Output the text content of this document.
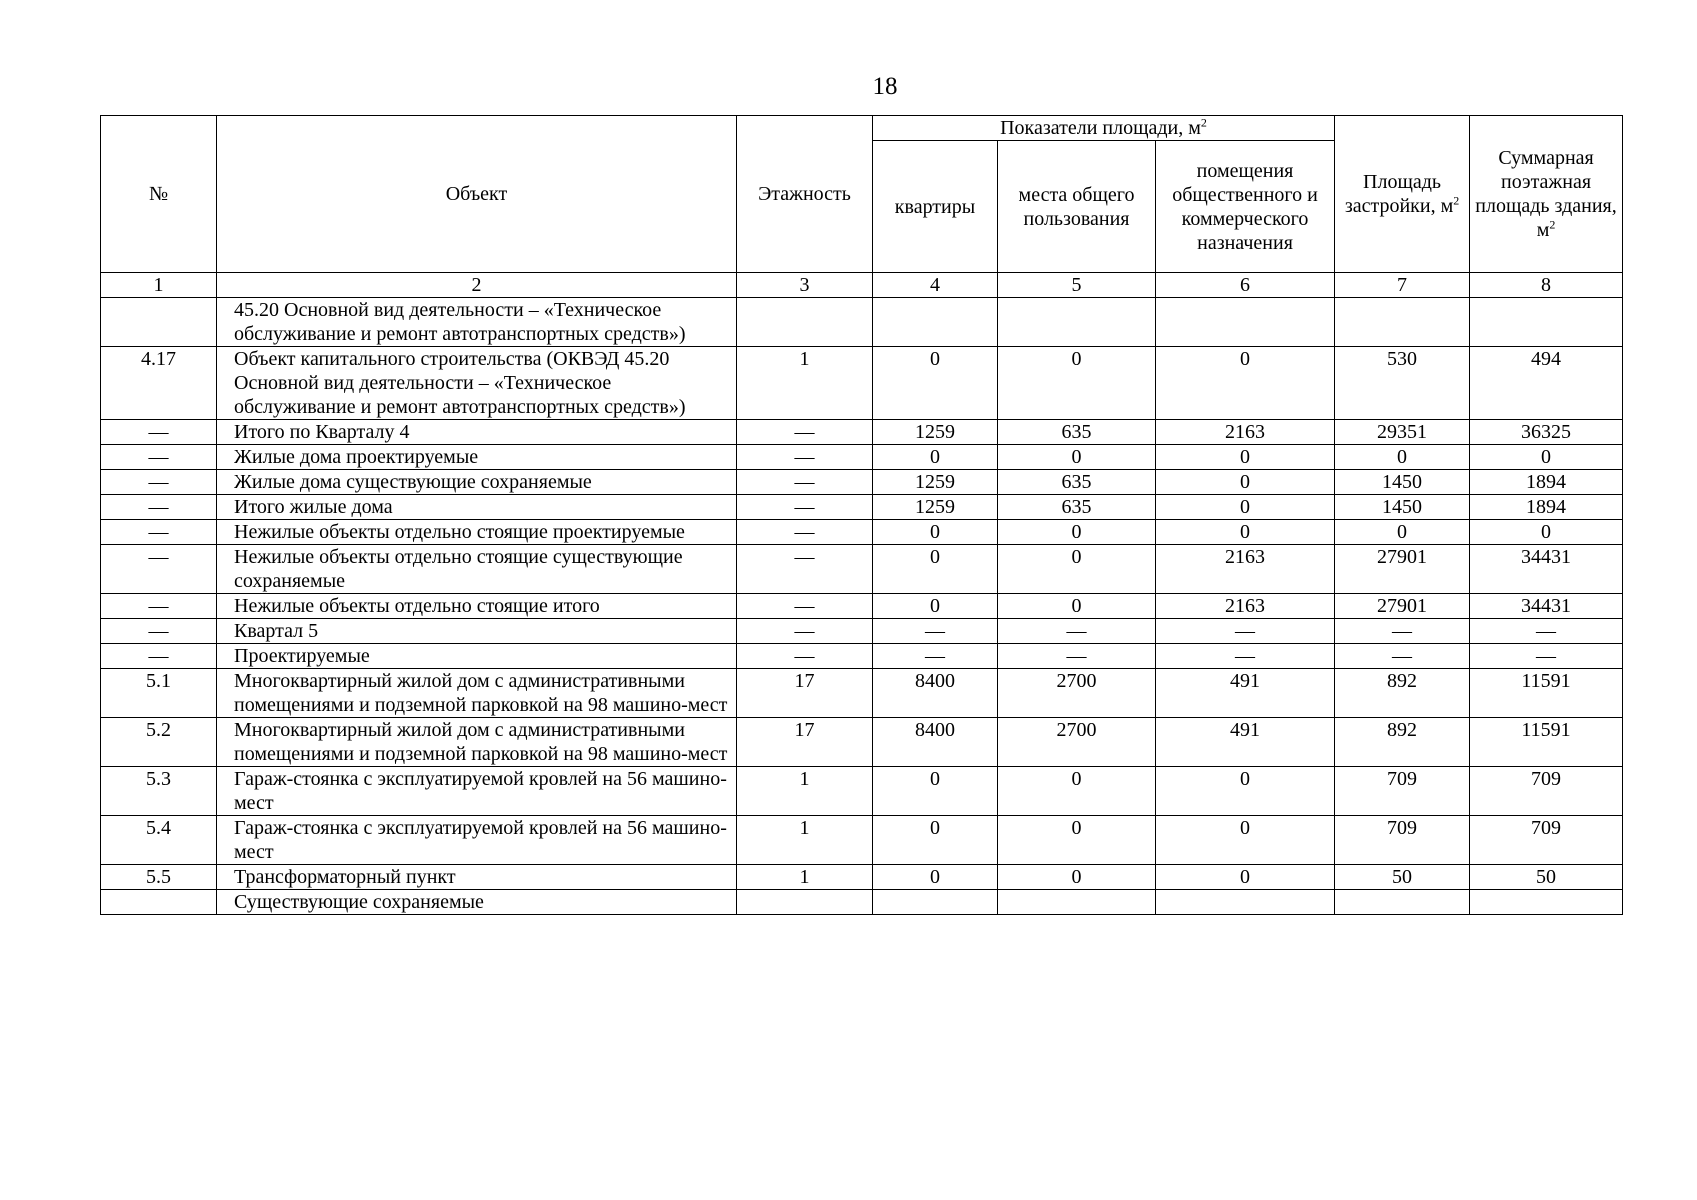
18
№	Объект	Этажность	Показатели площади, $м^2$			Площадь застройки, $м^2$	Суммарная поэтажная площадь здания, $м^2$
			квартиры	места общего пользования	помещения общественного и коммерческого назначения		
1	2	3	4	5	6	7	8
	45.20 Основной вид деятельности – «Техническое обслуживание и ремонт автотранспортных средств»)						
4.17	Объект капитального строительства (ОКВЭД 45.20 Основной вид деятельности – «Техническое обслуживание и ремонт автотранспортных средств»)	1	0	0	0	530	494
—	Итого по Кварталу 4	—	1259	635	2163	29351	36325
—	Жилые дома проектируемые	—	0	0	0	0	0
—	Жилые дома существующие сохраняемые	—	1259	635	0	1450	1894
—	Итого жилые дома	—	1259	635	0	1450	1894
—	Нежилые объекты отдельно стоящие проектируемые	—	0	0	0	0	0
—	Нежилые объекты отдельно стоящие существующие сохраняемые	—	0	0	2163	27901	34431
—	Нежилые объекты отдельно стоящие итого	—	0	0	2163	27901	34431
—	Квартал 5	—	—	—	—	—	—
—	Проектируемые	—	—	—	—	—	—
5.1	Многоквартирный жилой дом с административными помещениями и подземной парковкой на 98 машино-мест	17	8400	2700	491	892	11591
5.2	Многоквартирный жилой дом с административными помещениями и подземной парковкой на 98 машино-мест	17	8400	2700	491	892	11591
5.3	Гараж-стоянка с эксплуатируемой кровлей на 56 машино-мест	1	0	0	0	709	709
5.4	Гараж-стоянка с эксплуатируемой кровлей на 56 машино-мест	1	0	0	0	709	709
5.5	Трансформаторный пункт	1	0	0	0	50	50
	Существующие сохраняемые						
